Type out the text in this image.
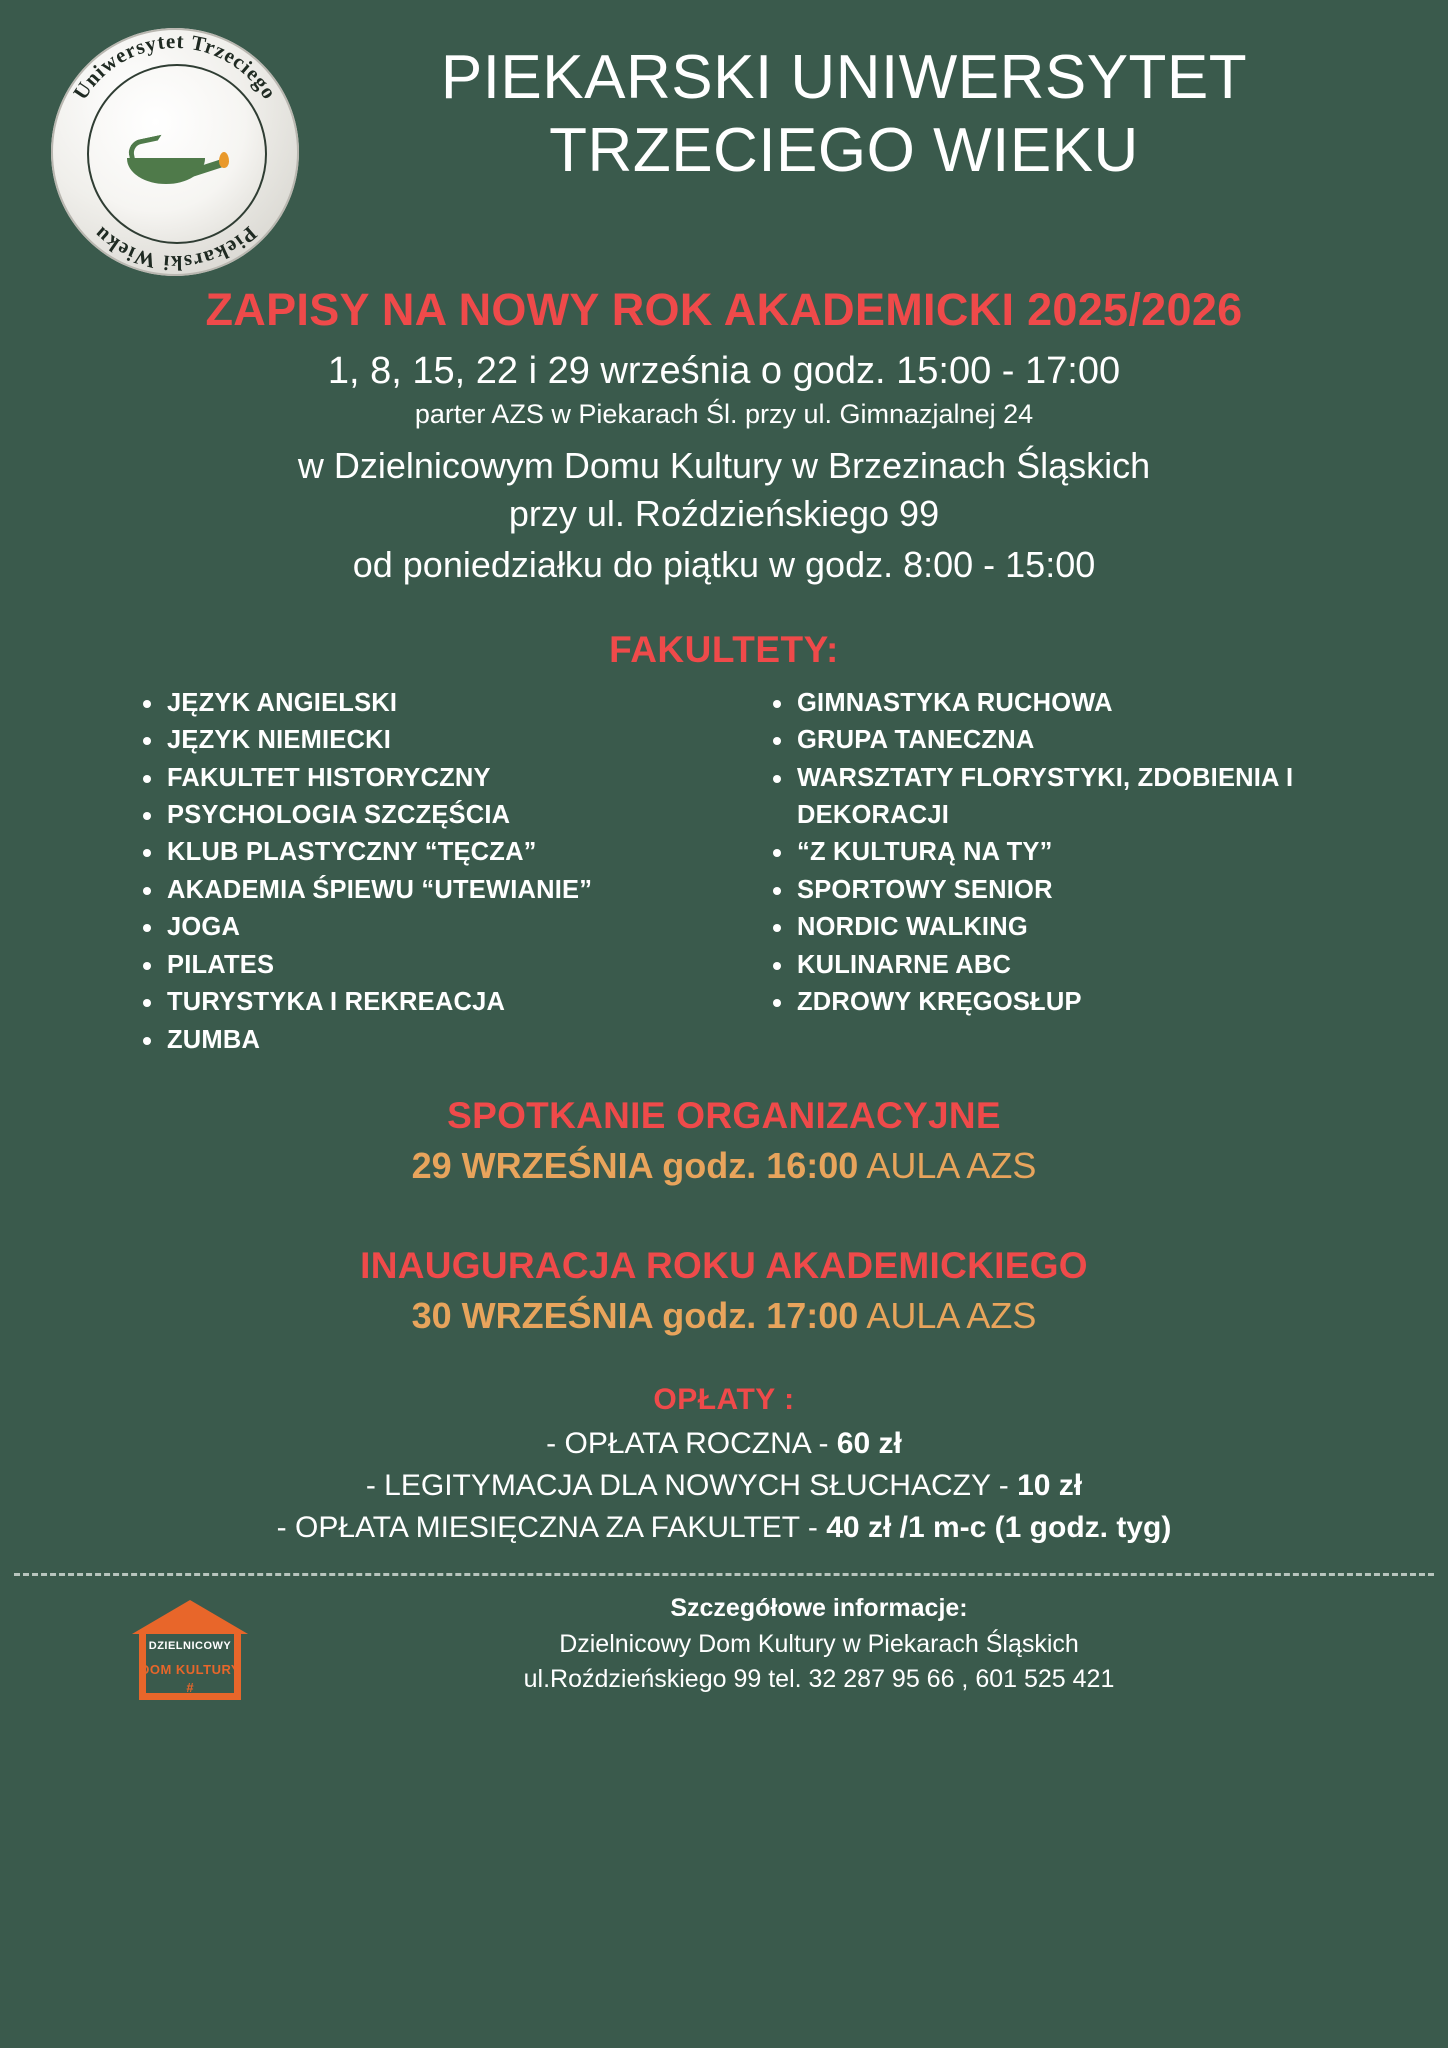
Uniwersytet Trzeciego
Piekarski Wieku
PIEKARSKI UNIWERSYTET
TRZECIEGO WIEKU
ZAPISY NA NOWY ROK AKADEMICKI 2025/2026
1, 8, 15, 22 i 29 września o godz. 15:00 - 17:00
parter AZS w Piekarach Śl. przy ul. Gimnazjalnej 24
w Dzielnicowym Domu Kultury w Brzezinach Śląskich
przy ul. Roździeńskiego 99
od poniedziałku do piątku w godz. 8:00 - 15:00
FAKULTETY:
JĘZYK ANGIELSKI
JĘZYK NIEMIECKI
FAKULTET HISTORYCZNY
PSYCHOLOGIA SZCZĘŚCIA
KLUB PLASTYCZNY “TĘCZA”
AKADEMIA ŚPIEWU “UTEWIANIE”
JOGA
PILATES
TURYSTYKA I REKREACJA
ZUMBA
GIMNASTYKA RUCHOWA
GRUPA TANECZNA
WARSZTATY FLORYSTYKI, ZDOBIENIA I DEKORACJI
“Z KULTURĄ NA TY”
SPORTOWY SENIOR
NORDIC WALKING
KULINARNE ABC
ZDROWY KRĘGOSŁUP
SPOTKANIE ORGANIZACYJNE
29 WRZEŚNIA godz. 16:00 AULA AZS
INAUGURACJA ROKU AKADEMICKIEGO
30 WRZEŚNIA godz. 17:00 AULA AZS
OPŁATY :
- OPŁATA ROCZNA - 60 zł
- LEGITYMACJA DLA NOWYCH SŁUCHACZY - 10 zł
- OPŁATA MIESIĘCZNA ZA FAKULTET - 40 zł /1 m-c (1 godz. tyg)
DZIELNICOWY
DOM KULTURY
#
Szczegółowe informacje:
Dzielnicowy Dom Kultury w Piekarach Śląskich
ul.Roździeńskiego 99 tel. 32 287 95 66 , 601 525 421
